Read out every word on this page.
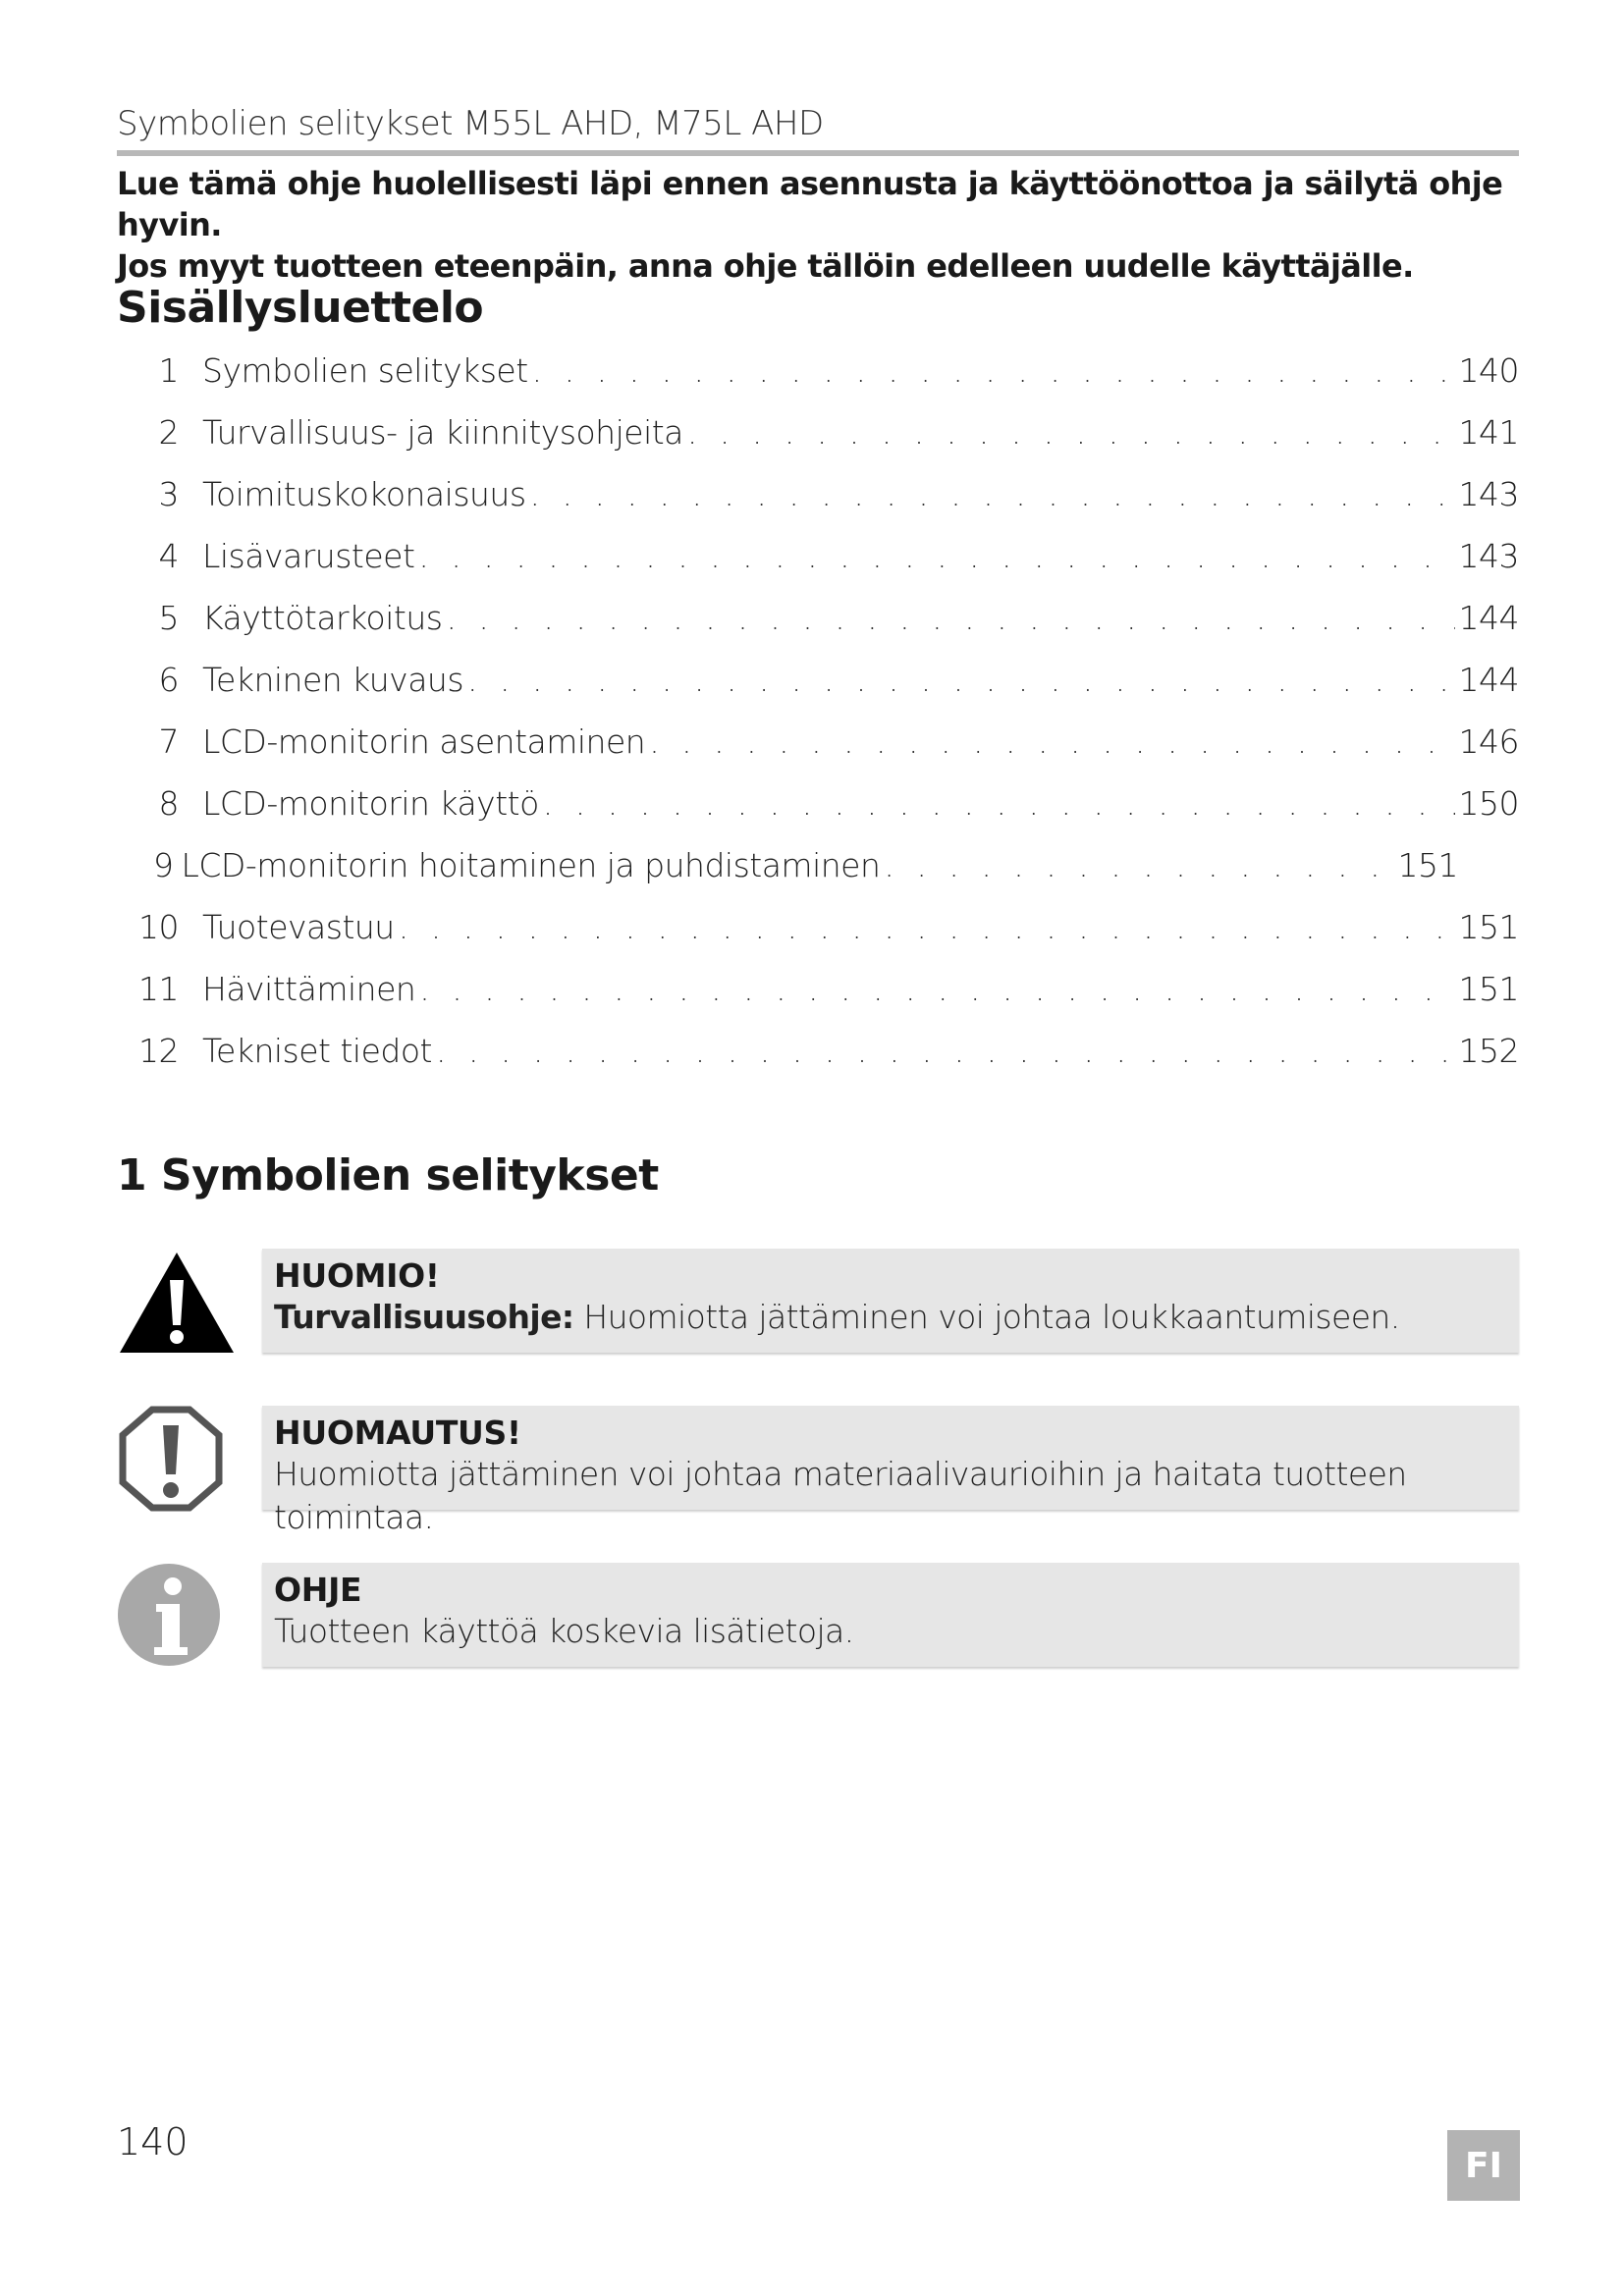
Symbolien selitykset M55L AHD, M75L AHD
Lue tämä ohje huolellisesti läpi ennen asennusta ja käyttöönottoa ja säilytä ohje hyvin.
Jos myyt tuotteen eteenpäin, anna ohje tällöin edelleen uudelle käyttäjälle.
Sisällysluettelo
1 Symbolien selitykset . . .	140
2 Turvallisuus- ja kiinnitysohjeita . . .	141
3 Toimituskokonaisuus . . .	143
4 Lisävarusteet . . .	143
5 Käyttötarkoitus . . .	144
6 Tekninen kuvaus . . .	144
7 LCD-monitorin asentaminen . . .	146
8 LCD-monitorin käyttö . . .	150
9 LCD-monitorin hoitaminen ja puhdistaminen . . .	151
10 Tuotevastuu . . .	151
11 Hävittäminen . . .	151
12 Tekniset tiedot . . .	152
1 Symbolien selitykset
HUOMIO!
Turvallisuusohje: Huomiotta jättäminen voi johtaa loukkaantumiseen.
HUOMAUTUS!
Huomiotta jättäminen voi johtaa materiaalivaurioihin ja haitata tuotteen toimintaa.
OHJE
Tuotteen käyttöä koskevia lisätietoja.
140
FI
